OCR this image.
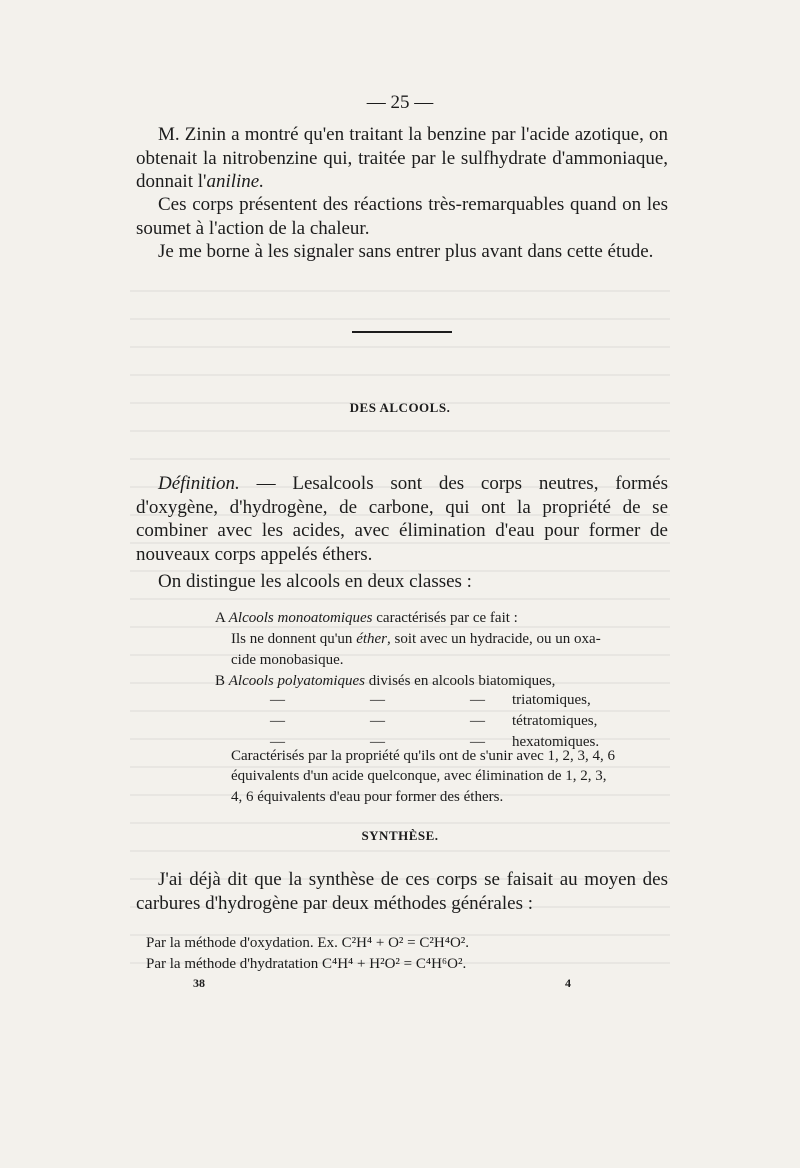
— 25 —

M. Zinin a montré qu'en traitant la benzine par l'acide azotique, on obtenait la nitrobenzine qui, traitée par le sulfhydrate d'ammoniaque, donnait l'aniline.

Ces corps présentent des réactions très-remarquables quand on les soumet à l'action de la chaleur.

Je me borne à les signaler sans entrer plus avant dans cette étude.

DES ALCOOLS.

Définition. — Lesalcools sont des corps neutres, formés d'oxygène, d'hydrogène, de carbone, qui ont la propriété de se combiner avec les acides, avec élimination d'eau pour former de nouveaux corps appelés éthers.

On distingue les alcools en deux classes :

A Alcools monoatomiques caractérisés par ce fait :

Ils ne donnent qu'un éther, soit avec un hydracide, ou un oxa-

cide monobasique.

B Alcools polyatomiques divisés en alcools biatomiques,

—	—	— triatomiques,
—	—	— tétratomiques,
—	—	— hexatomiques.

Caractérisés par la propriété qu'ils ont de s'unir avec 1, 2, 3, 4, 6

équivalents d'un acide quelconque, avec élimination de 1, 2, 3,

4, 6 équivalents d'eau pour former des éthers.

SYNTHÈSE.

J'ai déjà dit que la synthèse de ces corps se faisait au moyen des carbures d'hydrogène par deux méthodes générales :

Par la méthode d'oxydation. Ex. C²H⁴ + O² = C²H⁴O².

Par la méthode d'hydratation C⁴H⁴ + H²O² = C⁴H⁶O².

38	4
